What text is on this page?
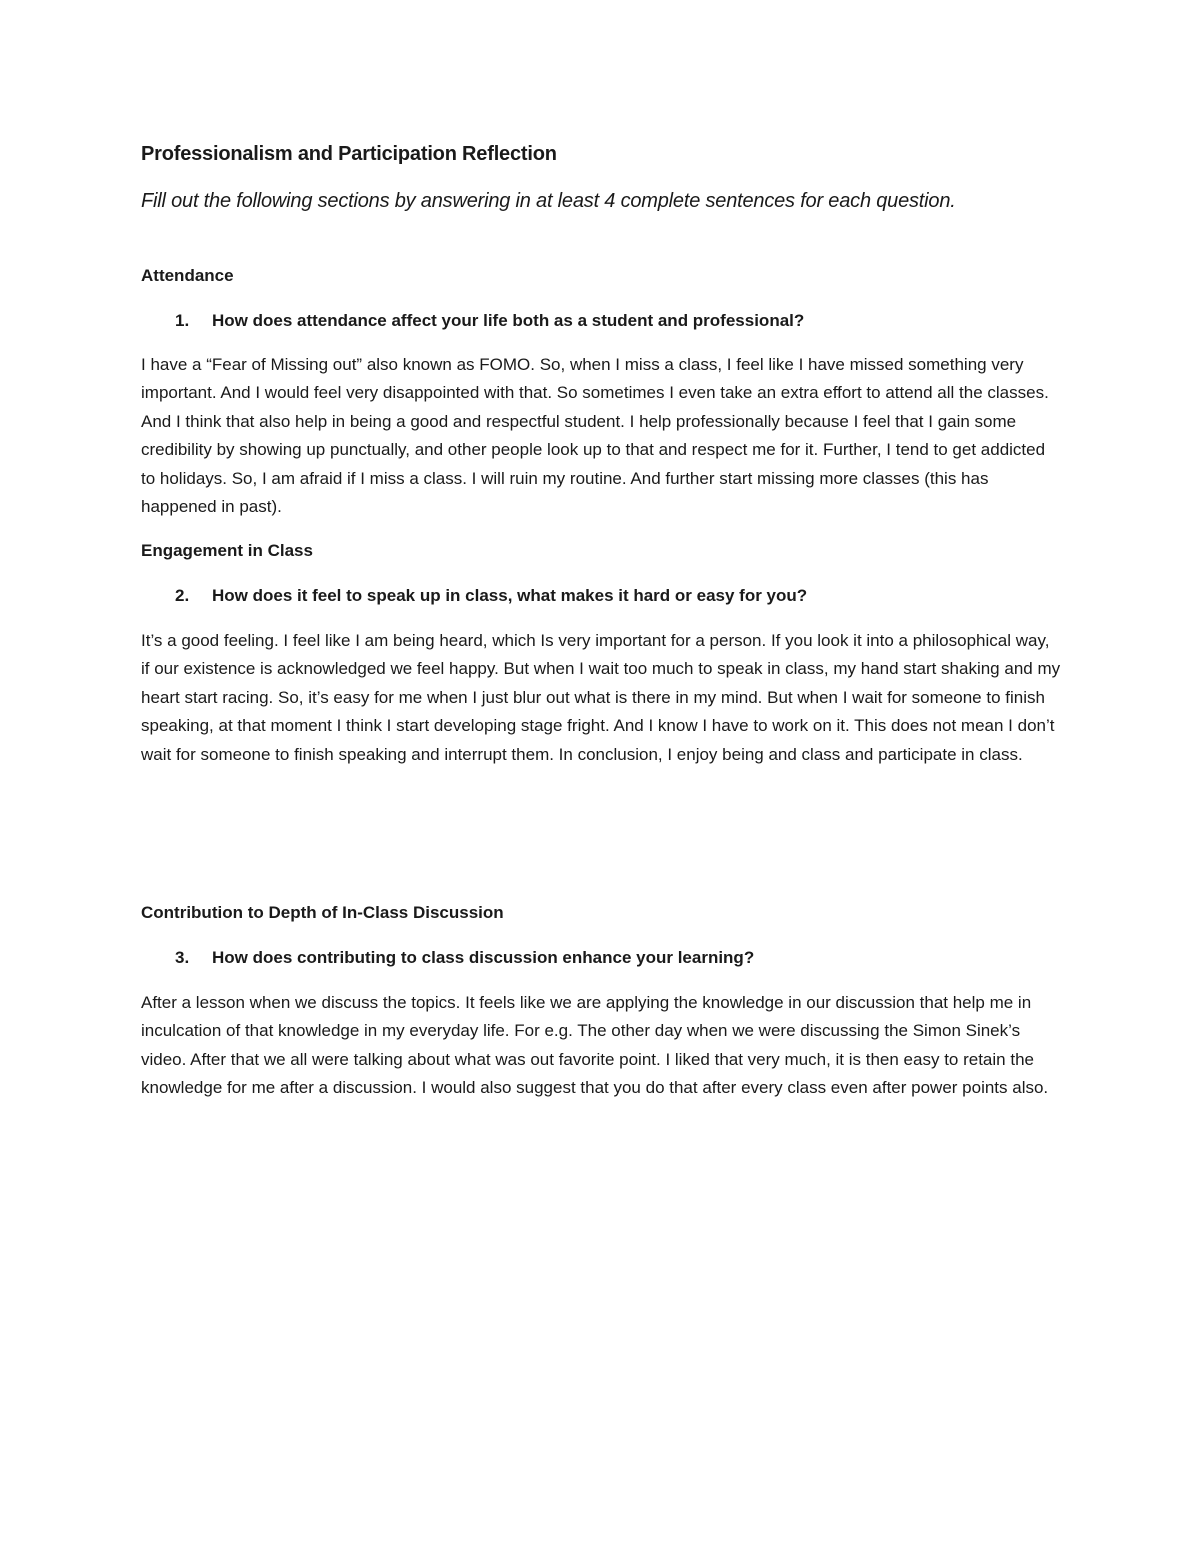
Professionalism and Participation Reflection
Fill out the following sections by answering in at least 4 complete sentences for each question.
Attendance
1. How does attendance affect your life both as a student and professional?

I have a “Fear of Missing out” also known as FOMO. So, when I miss a class, I feel like I have missed something very important. And I would feel very disappointed with that. So sometimes I even take an extra effort to attend all the classes. And I think that also help in being a good and respectful student. I help professionally because I feel that I gain some credibility by showing up punctually, and other people look up to that and respect me for it. Further, I tend to get addicted to holidays. So, I am afraid if I miss a class. I will ruin my routine. And further start missing more classes (this has happened in past).

Engagement in Class
2. How does it feel to speak up in class, what makes it hard or easy for you?

It’s a good feeling. I feel like I am being heard, which Is very important for a person. If you look it into a philosophical way, if our existence is acknowledged we feel happy. But when I wait too much to speak in class, my hand start shaking and my heart start racing. So, it’s easy for me when I just blur out what is there in my mind. But when I wait for someone to finish speaking, at that moment I think I start developing stage fright. And I know I have to work on it. This does not mean I don’t wait for someone to finish speaking and interrupt them. In conclusion, I enjoy being and class and participate in class.

Contribution to Depth of In-Class Discussion
3. How does contributing to class discussion enhance your learning?

After a lesson when we discuss the topics. It feels like we are applying the knowledge in our discussion that help me in inculcation of that knowledge in my everyday life. For e.g. The other day when we were discussing the Simon Sinek’s video. After that we all were talking about what was out favorite point. I liked that very much, it is then easy to retain the knowledge for me after a discussion. I would also suggest that you do that after every class even after power points also.
